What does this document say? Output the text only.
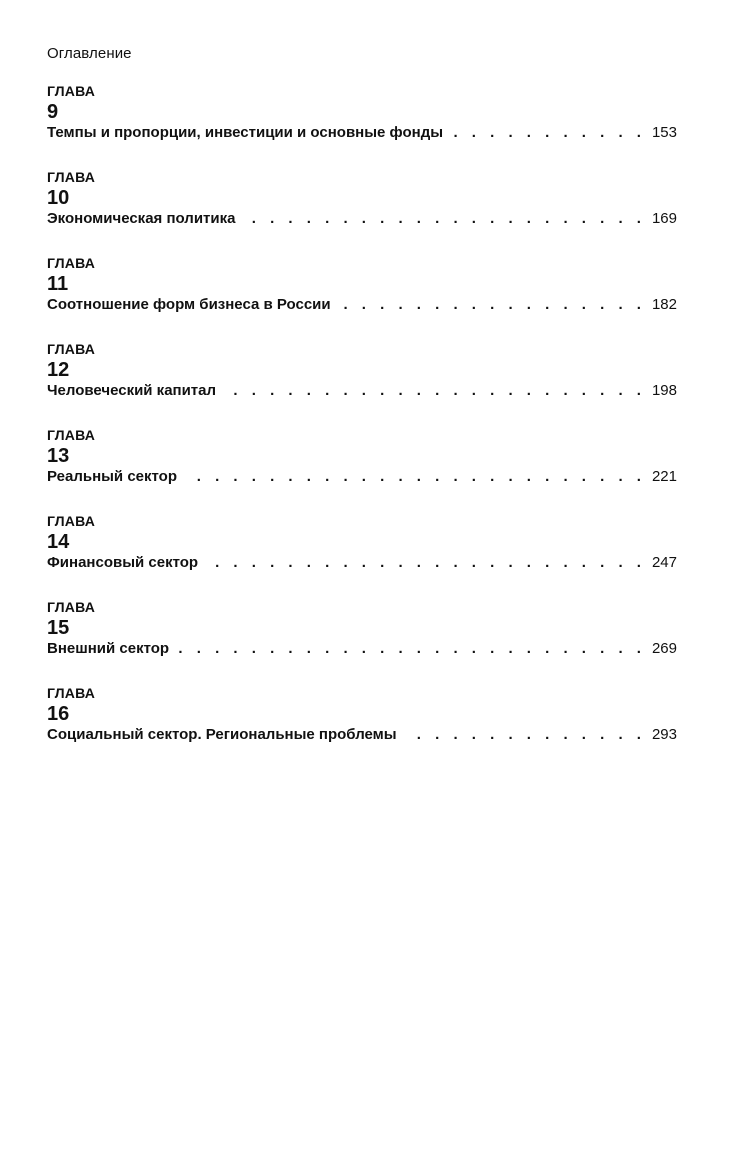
Оглавление
ГЛАВА
9
Темпы и пропорции, инвестиции и основные фонды . . .	153
ГЛАВА
10
Экономическая политика . . .	169
ГЛАВА
11
Соотношение форм бизнеса в России . . .	182
ГЛАВА
12
Человеческий капитал . . .	198
ГЛАВА
13
Реальный сектор . . .	221
ГЛАВА
14
Финансовый сектор . . .	247
ГЛАВА
15
Внешний сектор . . .	269
ГЛАВА
16
Социальный сектор. Региональные проблемы . . .	293
